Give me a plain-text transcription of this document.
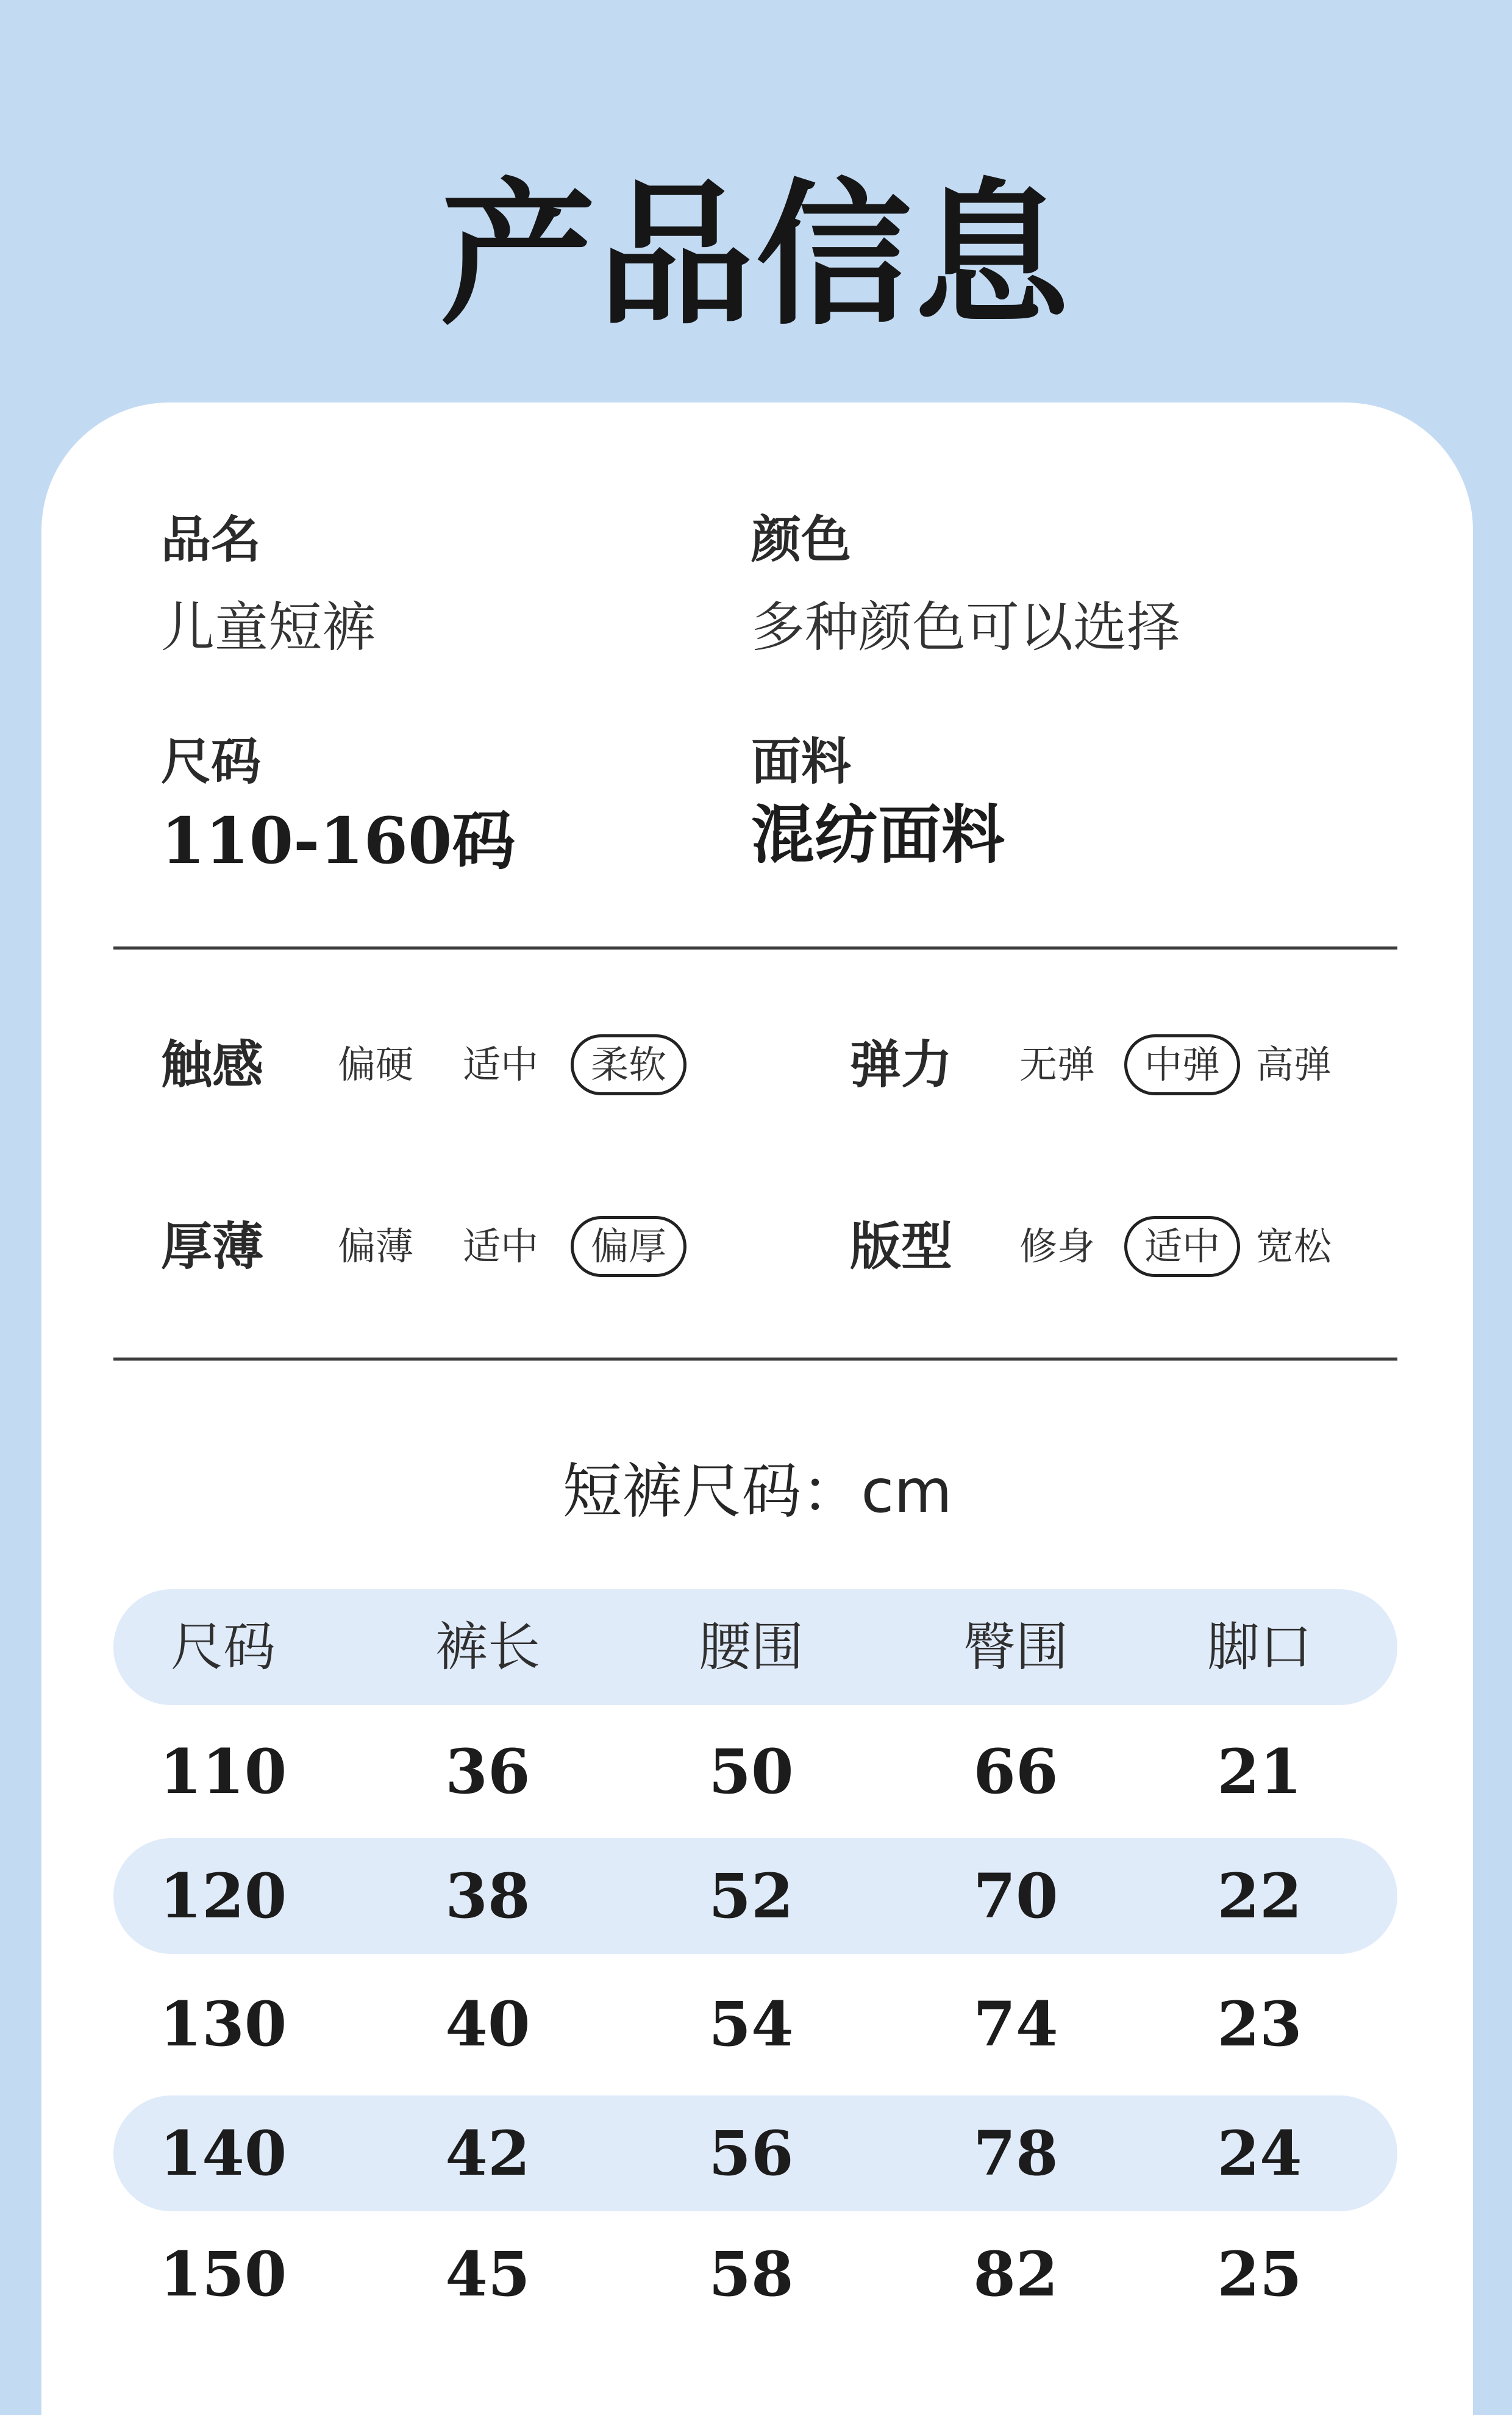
产品信息
品名
儿童短裤
颜色
多种颜色可以选择
尺码
110-160码
面料
混纺面料
触感 偏硬 适中	柔软	弹力 无弹	中弹 高弹
厚薄 偏薄 适中	偏厚	版型 修身	适中 宽松
短裤尺码：cm
尺码	裤长	腰围	臀围	脚口
110	36	50	66	21
120	38	52	70	22
130	40	54	74	23
140	42	56	78	24
150	45	58	82	25
